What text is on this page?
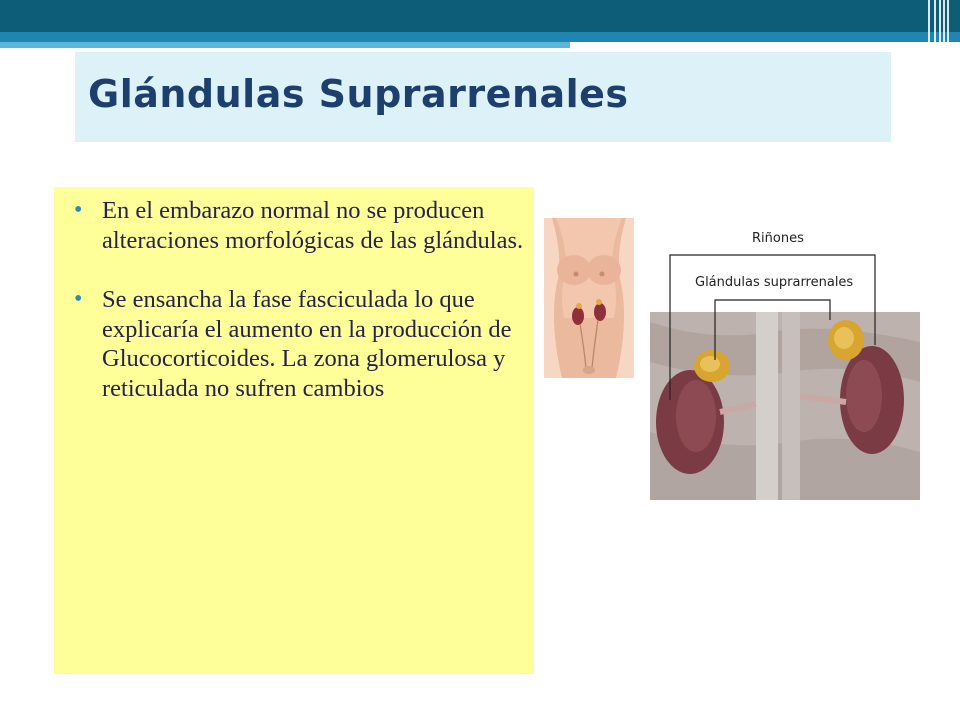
Glándulas Suprarrenales
• En el embarazo normal no se producen alteraciones morfológicas de las glándulas.
• Se ensancha la fase fasciculada lo que explicaría el aumento en la producción de Glucocorticoides. La zona glomerulosa y reticulada no sufren cambios
Riñones
Glándulas suprarrenales
